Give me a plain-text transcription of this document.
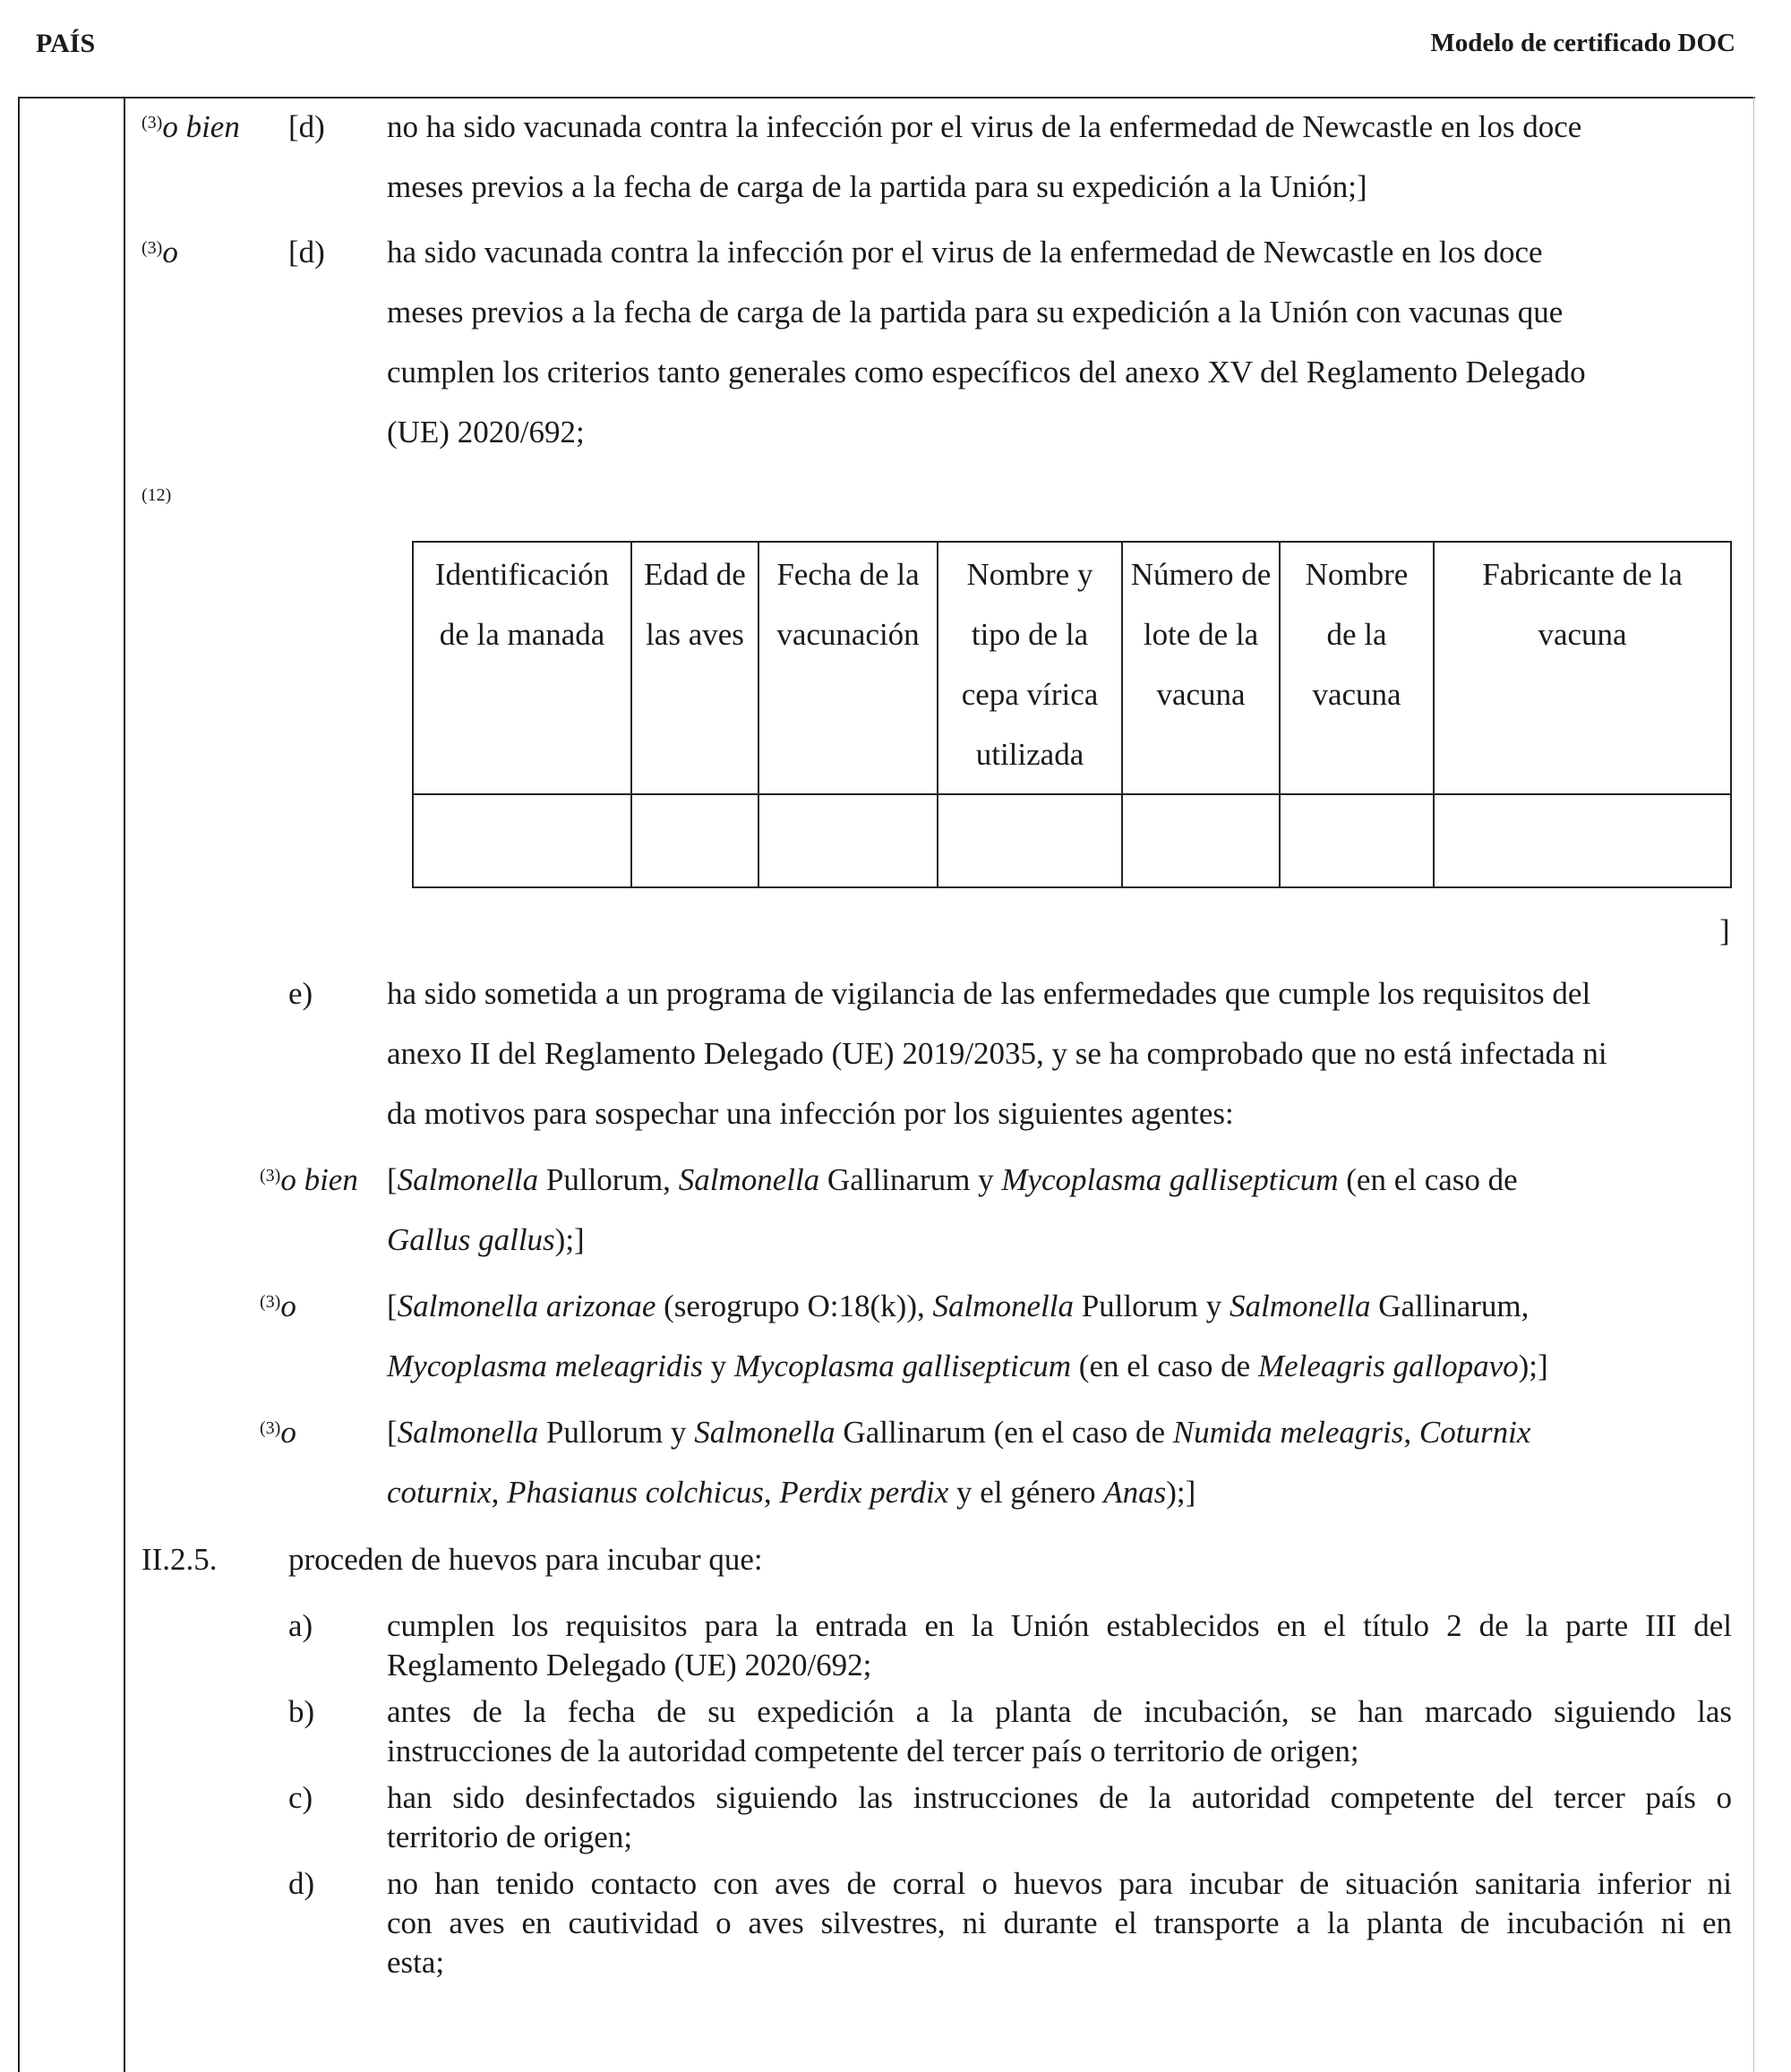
PAÍS	Modelo de certificado DOC
$^{(3)}$o bien [d) no ha sido vacunada contra la infección por el virus de la enfermedad de Newcastle en los doce
meses previos a la fecha de carga de la partida para su expedición a la Unión;]
$^{(3)}$o	[d) ha sido vacunada contra la infección por el virus de la enfermedad de Newcastle en los doce
meses previos a la fecha de carga de la partida para su expedición a la Unión con vacunas que
cumplen los criterios tanto generales como específicos del anexo XV del Reglamento Delegado
(UE) 2020/692;
(12)
Identificación de la manada	Edad de las aves	Fecha de la vacunación	Nombre y tipo de la cepa vírica utilizada	Número de lote de la vacuna	Nombre de la vacuna	Fabricante de la vacuna

]
e) ha sido sometida a un programa de vigilancia de las enfermedades que cumple los requisitos del
anexo II del Reglamento Delegado (UE) 2019/2035, y se ha comprobado que no está infectada ni
da motivos para sospechar una infección por los siguientes agentes:
$^{(3)}$o bien [Salmonella Pullorum, Salmonella Gallinarum y Mycoplasma gallisepticum (en el caso de
Gallus gallus);]
$^{(3)}$o	[Salmonella arizonae (serogrupo O:18(k)), Salmonella Pullorum y Salmonella Gallinarum,
Mycoplasma meleagridis y Mycoplasma gallisepticum (en el caso de Meleagris gallopavo);]
$^{(3)}$o	[Salmonella Pullorum y Salmonella Gallinarum (en el caso de Numida meleagris, Coturnix
coturnix, Phasianus colchicus, Perdix perdix y el género Anas);]
II.2.5. proceden de huevos para incubar que:
a) cumplen los requisitos para la entrada en la Unión establecidos en el título 2 de la parte III del
Reglamento Delegado (UE) 2020/692;
b) antes de la fecha de su expedición a la planta de incubación, se han marcado siguiendo las
instrucciones de la autoridad competente del tercer país o territorio de origen;
c) han sido desinfectados siguiendo las instrucciones de la autoridad competente del tercer país o
territorio de origen;
d) no han tenido contacto con aves de corral o huevos para incubar de situación sanitaria inferior ni
con aves en cautividad o aves silvestres, ni durante el transporte a la planta de incubación ni en
esta;
